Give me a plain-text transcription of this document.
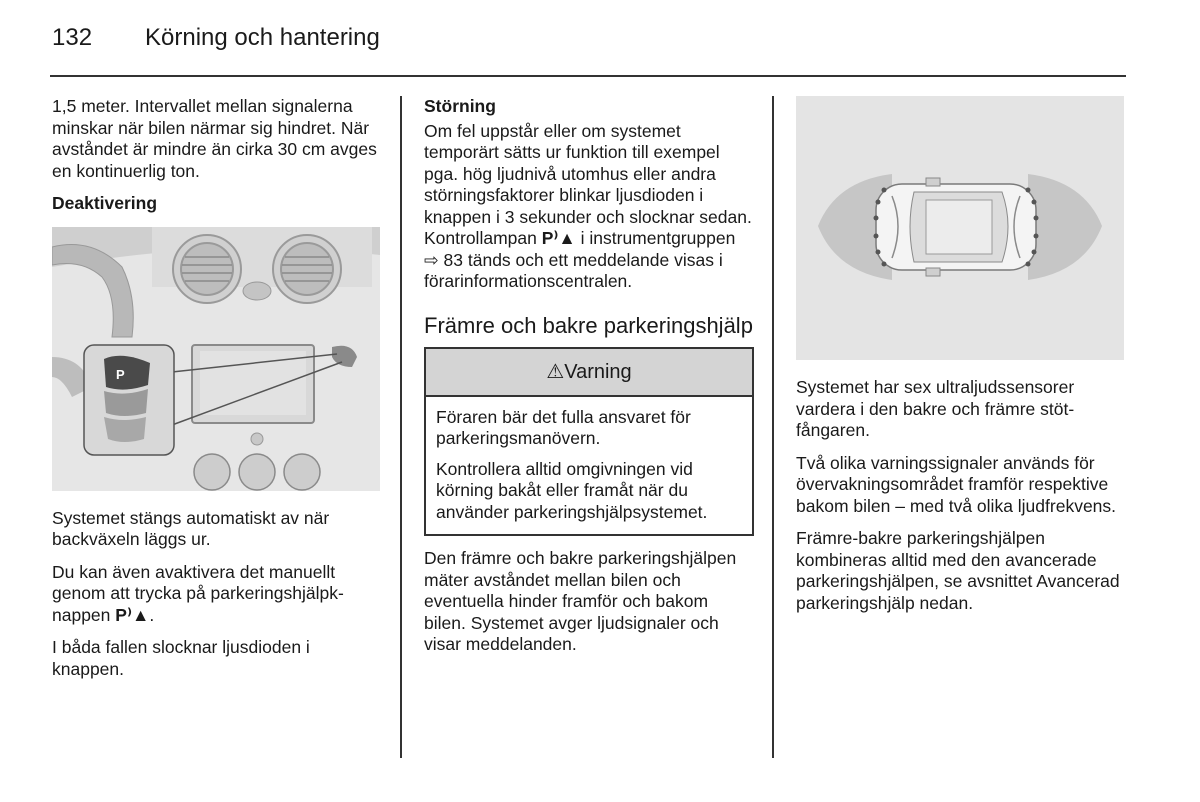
132 Körning och hantering

1,5 meter. Intervallet mellan signalerna minskar när bilen närmar sig hindret. När avståndet är mindre än cirka 30 cm avges en kontinuerlig ton.

Deaktivering
P

Systemet stängs automatiskt av när backväxeln läggs ur.

Du kan även avaktivera det manuellt genom att trycka på parkeringshjälpknappen P⁾▲.

I båda fallen slocknar ljusdioden i knappen.

Störning

Om fel uppstår eller om systemet temporärt sätts ur funktion till exempel pga. hög ljudnivå utomhus eller andra störningsfaktorer blinkar ljusdioden i knappen i 3 sekunder och slocknar sedan. Kontrollampan P⁾▲ i instrumentgruppen ⇨ 83 tänds och ett meddelande visas i förarinformationscentralen.

Främre och bakre parkeringshjälp
⚠Varning

Föraren bär det fulla ansvaret för parkeringsmanövern.

Kontrollera alltid omgivningen vid körning bakåt eller framåt när du använder parkeringshjälpsystemet.

Den främre och bakre parkeringshjälpen mäter avståndet mellan bilen och eventuella hinder framför och bakom bilen. Systemet avger ljudsignaler och visar meddelanden.

Systemet har sex ultraljudssensorer vardera i den bakre och främre stötfångaren.

Två olika varningssignaler används för övervakningsområdet framför respektive bakom bilen – med två olika ljudfrekvens.

Främre-bakre parkeringshjälpen kombineras alltid med den avancerade parkeringshjälpen, se avsnittet Avancerad parkeringshjälp nedan.
